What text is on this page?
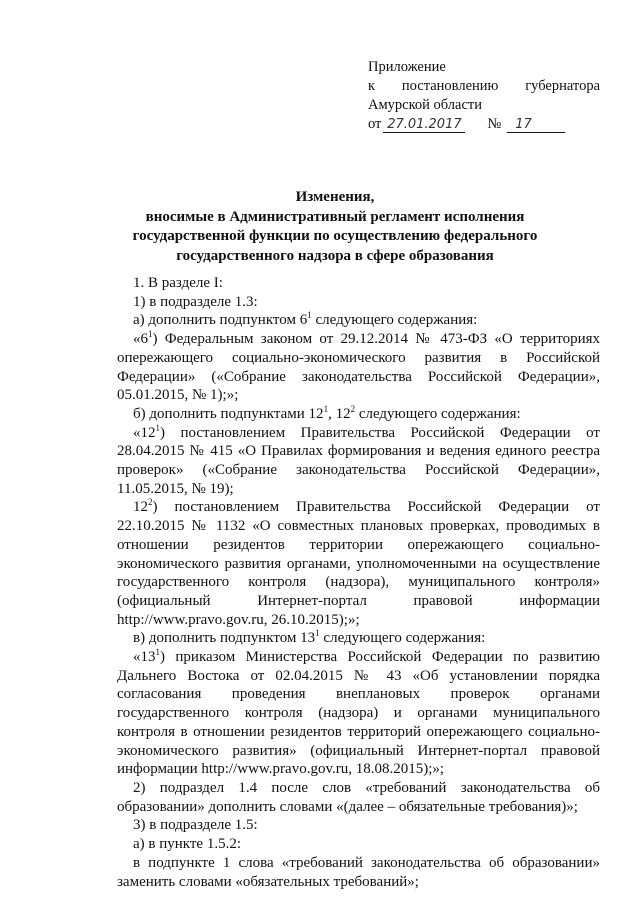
Приложение
к постановлению губернатора
Амурской области
от 27.01.2017 №	17
Изменения,
вносимые в Административный регламент исполнения
государственной функции по осуществлению федерального
государственного надзора в сфере образования

1. В разделе I:

1) в подразделе 1.3:

а) дополнить подпунктом $6^1$ следующего содержания:

«$6^1$) Федеральным законом от 29.12.2014 № 473-ФЗ «О территориях опережающего социально-экономического развития в Российской Федерации» («Собрание законодательства Российской Федерации», 05.01.2015, № 1);»;

б) дополнить подпунктами $12^1$, $12^2$ следующего содержания:

«$12^1$) постановлением Правительства Российской Федерации от 28.04.2015 № 415 «О Правилах формирования и ведения единого реестра проверок» («Собрание законодательства Российской Федерации», 11.05.2015, № 19);

$12^2$) постановлением Правительства Российской Федерации от 22.10.2015 № 1132 «О совместных плановых проверках, проводимых в отношении резидентов территории опережающего социально-экономического развития органами, уполномоченными на осуществление государственного контроля (надзора), муниципального контроля» (официальный Интернет-портал правовой информации http://www.pravo.gov.ru, 26.10.2015);»;

в) дополнить подпунктом $13^1$ следующего содержания:

«$13^1$) приказом Министерства Российской Федерации по развитию Дальнего Востока от 02.04.2015 № 43 «Об установлении порядка согласования проведения внеплановых проверок органами государственного контроля (надзора) и органами муниципального контроля в отношении резидентов территорий опережающего социально-экономического развития» (официальный Интернет-портал правовой информации http://www.pravo.gov.ru, 18.08.2015);»;

2) подраздел 1.4 после слов «требований законодательства об образовании» дополнить словами «(далее – обязательные требования)»;

3) в подразделе 1.5:

а) в пункте 1.5.2:

в подпункте 1 слова «требований законодательства об образовании» заменить словами «обязательных требований»;
